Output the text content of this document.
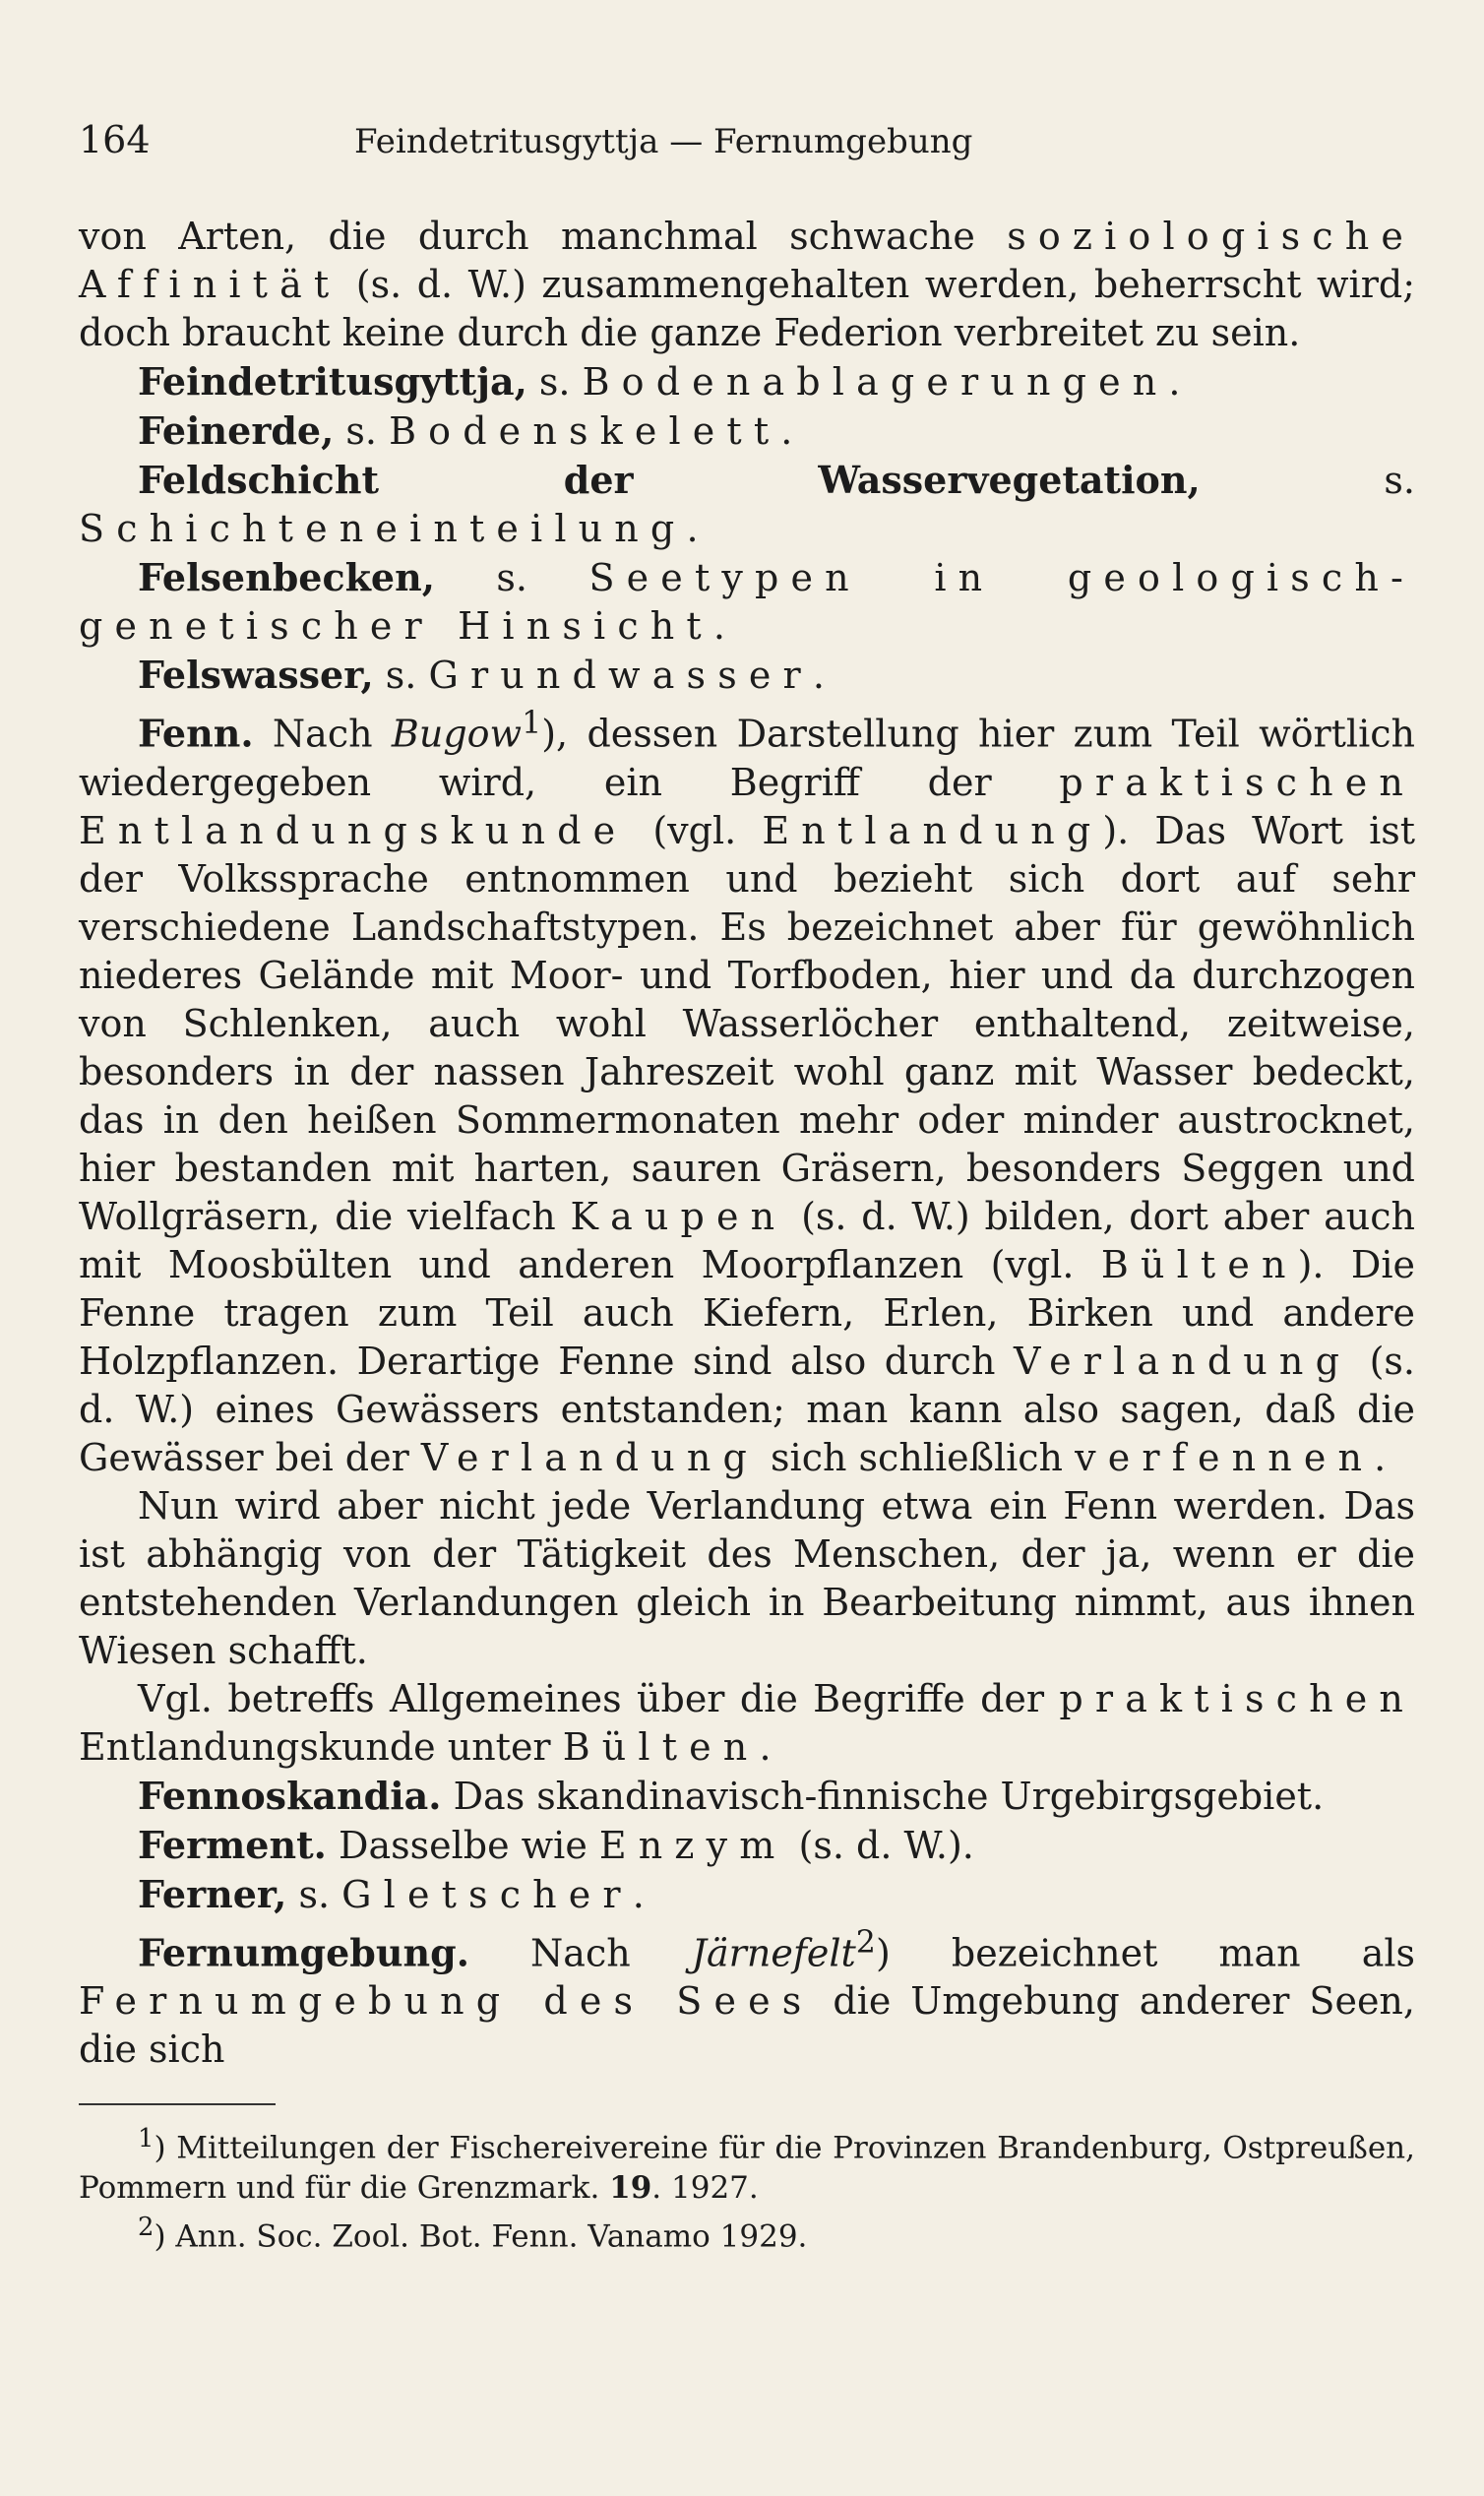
164	Feindetritusgyttja — Fernumgebung

von Arten, die durch manchmal schwache soziologische Affinität (s. d. W.) zusammengehalten werden, beherrscht wird; doch braucht keine durch die ganze Federion verbreitet zu sein.

Feindetritusgyttja, s. Bodenablagerungen.

Feinerde, s. Bodenskelett.

Feldschicht der Wasservegetation, s. Schichteneinteilung.

Felsenbecken, s. Seetypen in geologisch-genetischer Hinsicht.

Felswasser, s. Grundwasser.

Fenn. Nach Bugow$^1$), dessen Darstellung hier zum Teil wörtlich wiedergegeben wird, ein Begriff der praktischen Entlandungskunde (vgl. Entlandung). Das Wort ist der Volkssprache entnommen und bezieht sich dort auf sehr verschiedene Landschaftstypen. Es bezeichnet aber für gewöhnlich niederes Gelände mit Moor- und Torfboden, hier und da durchzogen von Schlenken, auch wohl Wasserlöcher enthaltend, zeitweise, besonders in der nassen Jahreszeit wohl ganz mit Wasser bedeckt, das in den heißen Sommermonaten mehr oder minder austrocknet, hier bestanden mit harten, sauren Gräsern, besonders Seggen und Wollgräsern, die vielfach Kaupen (s. d. W.) bilden, dort aber auch mit Moosbülten und anderen Moorpflanzen (vgl. Bülten). Die Fenne tragen zum Teil auch Kiefern, Erlen, Birken und andere Holzpflanzen. Derartige Fenne sind also durch Verlandung (s. d. W.) eines Gewässers entstanden; man kann also sagen, daß die Gewässer bei der Verlandung sich schließlich verfennen.

Nun wird aber nicht jede Verlandung etwa ein Fenn werden. Das ist abhängig von der Tätigkeit des Menschen, der ja, wenn er die entstehenden Verlandungen gleich in Bearbeitung nimmt, aus ihnen Wiesen schafft.

Vgl. betreffs Allgemeines über die Begriffe der praktischen Entlandungskunde unter Bülten.

Fennoskandia. Das skandinavisch-finnische Urgebirgsgebiet.

Ferment. Dasselbe wie Enzym (s. d. W.).

Ferner, s. Gletscher.

Fernumgebung. Nach Järnefelt$^2$) bezeichnet man als Fernumgebung des Sees die Umgebung anderer Seen, die sich

$^1$) Mitteilungen der Fischereivereine für die Provinzen Brandenburg, Ostpreußen, Pommern und für die Grenzmark. 19. 1927.

$^2$) Ann. Soc. Zool. Bot. Fenn. Vanamo 1929.
